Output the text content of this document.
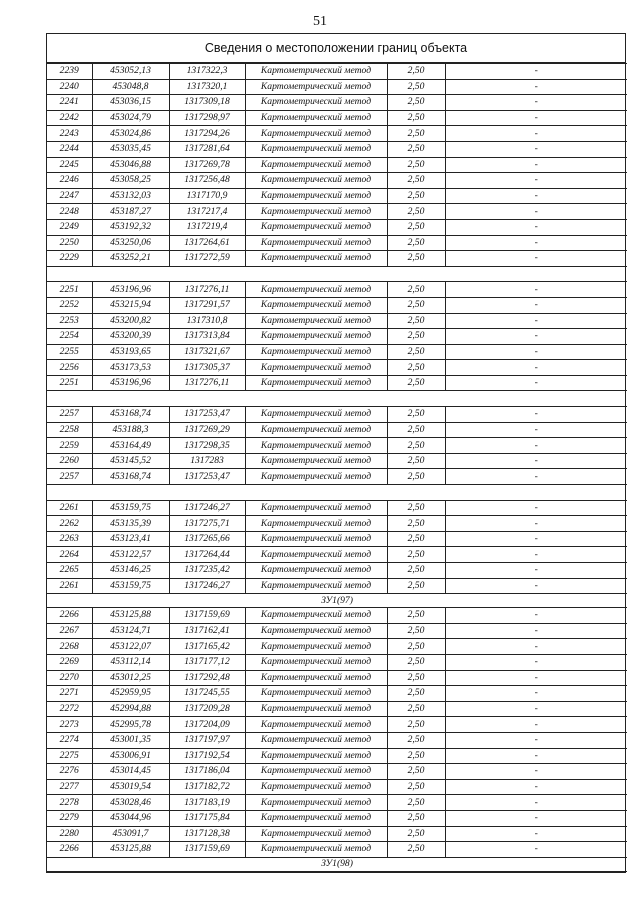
51
Сведения о местоположении границ объекта
2239	453052,13	1317322,3	Картометрический метод	2,50	-
2240	453048,8	1317320,1	Картометрический метод	2,50	-
2241	453036,15	1317309,18	Картометрический метод	2,50	-
2242	453024,79	1317298,97	Картометрический метод	2,50	-
2243	453024,86	1317294,26	Картометрический метод	2,50	-
2244	453035,45	1317281,64	Картометрический метод	2,50	-
2245	453046,88	1317269,78	Картометрический метод	2,50	-
2246	453058,25	1317256,48	Картометрический метод	2,50	-
2247	453132,03	1317170,9	Картометрический метод	2,50	-
2248	453187,27	1317217,4	Картометрический метод	2,50	-
2249	453192,32	1317219,4	Картометрический метод	2,50	-
2250	453250,06	1317264,61	Картометрический метод	2,50	-
2229	453252,21	1317272,59	Картометрический метод	2,50	-

2251	453196,96	1317276,11	Картометрический метод	2,50	-
2252	453215,94	1317291,57	Картометрический метод	2,50	-
2253	453200,82	1317310,8	Картометрический метод	2,50	-
2254	453200,39	1317313,84	Картометрический метод	2,50	-
2255	453193,65	1317321,67	Картометрический метод	2,50	-
2256	453173,53	1317305,37	Картометрический метод	2,50	-
2251	453196,96	1317276,11	Картометрический метод	2,50	-

2257	453168,74	1317253,47	Картометрический метод	2,50	-
2258	453188,3	1317269,29	Картометрический метод	2,50	-
2259	453164,49	1317298,35	Картометрический метод	2,50	-
2260	453145,52	1317283	Картометрический метод	2,50	-
2257	453168,74	1317253,47	Картометрический метод	2,50	-

2261	453159,75	1317246,27	Картометрический метод	2,50	-
2262	453135,39	1317275,71	Картометрический метод	2,50	-
2263	453123,41	1317265,66	Картометрический метод	2,50	-
2264	453122,57	1317264,44	Картометрический метод	2,50	-
2265	453146,25	1317235,42	Картометрический метод	2,50	-
2261	453159,75	1317246,27	Картометрический метод	2,50	-
ЗУ1(97)					
2266	453125,88	1317159,69	Картометрический метод	2,50	-
2267	453124,71	1317162,41	Картометрический метод	2,50	-
2268	453122,07	1317165,42	Картометрический метод	2,50	-
2269	453112,14	1317177,12	Картометрический метод	2,50	-
2270	453012,25	1317292,48	Картометрический метод	2,50	-
2271	452959,95	1317245,55	Картометрический метод	2,50	-
2272	452994,88	1317209,28	Картометрический метод	2,50	-
2273	452995,78	1317204,09	Картометрический метод	2,50	-
2274	453001,35	1317197,97	Картометрический метод	2,50	-
2275	453006,91	1317192,54	Картометрический метод	2,50	-
2276	453014,45	1317186,04	Картометрический метод	2,50	-
2277	453019,54	1317182,72	Картометрический метод	2,50	-
2278	453028,46	1317183,19	Картометрический метод	2,50	-
2279	453044,96	1317175,84	Картометрический метод	2,50	-
2280	453091,7	1317128,38	Картометрический метод	2,50	-
2266	453125,88	1317159,69	Картометрический метод	2,50	-
ЗУ1(98)					
